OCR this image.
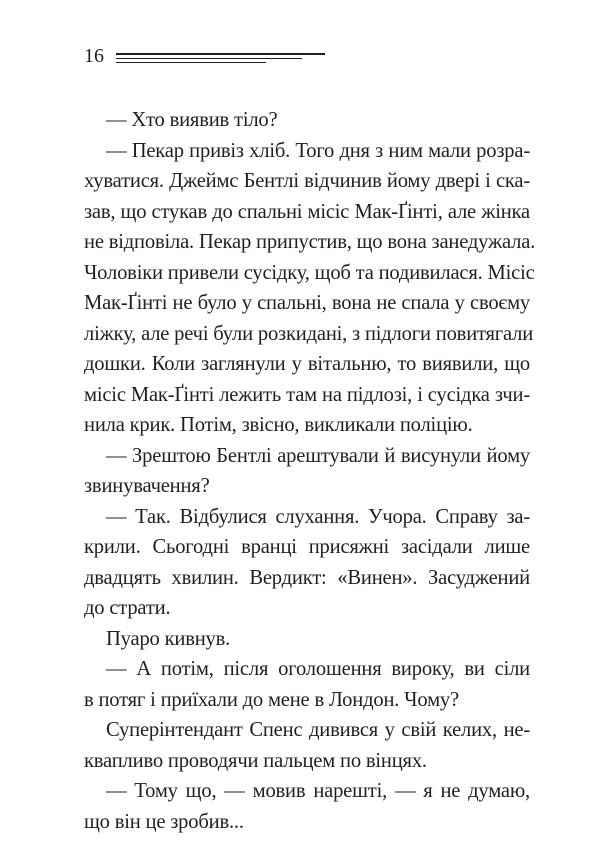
16
— Хто виявив тіло?
— Пекар привіз хліб. Того дня з ним мали розра-
хуватися. Джеймс Бентлі відчинив йому двері і ска-
зав, що стукав до спальні місіс Мак-Ґінті, але жінка
не відповіла. Пекар припустив, що вона занедужала.
Чоловіки привели сусідку, щоб та подивилася. Місіс
Мак-Ґінті не було у спальні, вона не спала у своєму
ліжку, але речі були розкидані, з підлоги повитягали
дошки. Коли заглянули у вітальню, то виявили, що
місіс Мак-Ґінті лежить там на підлозі, і сусідка зчи-
нила крик. Потім, звісно, викликали поліцію.
— Зрештою Бентлі арештували й висунули йому
звинувачення?
— Так. Відбулися слухання. Учора. Справу за-
крили. Сьогодні вранці присяжні засідали лише
двадцять хвилин. Вердикт: «Винен». Засуджений
до страти.
Пуаро кивнув.
— А потім, після оголошення вироку, ви сіли
в потяг і приїхали до мене в Лондон. Чому?
Суперінтендант Спенс дивився у свій келих, не-
квапливо проводячи пальцем по вінцях.
— Тому що, — мовив нарешті, — я не думаю,
що він це зробив...
